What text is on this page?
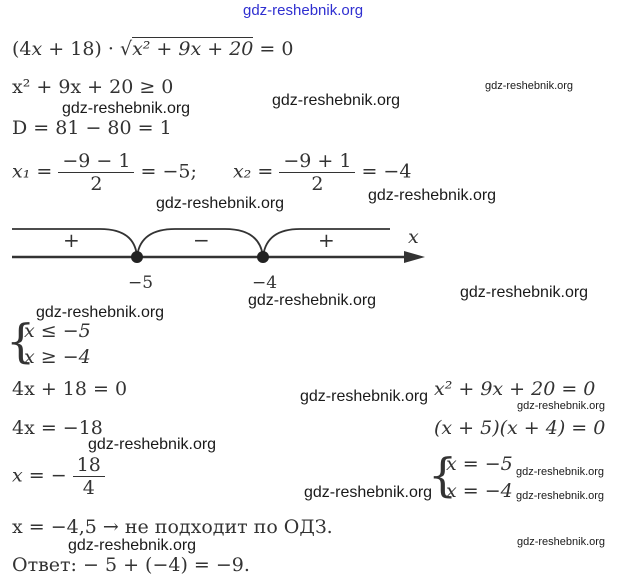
gdz-reshebnik.org
(4x + 18) · √x² + 9x + 20 = 0
x² + 9x + 20 ≥ 0
gdz-reshebnik.org	gdz-reshebnik.org
gdz-reshebnik.org
D = 81 − 80 = 1
$x_1 = \frac{-9 - 1}{2} = -5$; $x_2 = \frac{-9 + 1}{2} = -4$
gdz-reshebnik.org
gdz-reshebnik.org
+	−	+	x
−5	−4
gdz-reshebnik.org	gdz-reshebnik.org
gdz-reshebnik.org
{
x ≤ −5
x ≥ −4
4x + 18 = 0	gdz-reshebnik.org
4x = −18
gdz-reshebnik.org
x = − $\frac{18}{4}$	gdz-reshebnik.org
x² + 9x + 20 = 0
gdz-reshebnik.org
(x + 5)(x + 4) = 0
{
x = −5
x = −4
gdz-reshebnik.org
gdz-reshebnik.org
x = −4,5 → не подходит по ОДЗ.
gdz-reshebnik.org	gdz-reshebnik.org
Ответ: − 5 + (−4) = −9.
